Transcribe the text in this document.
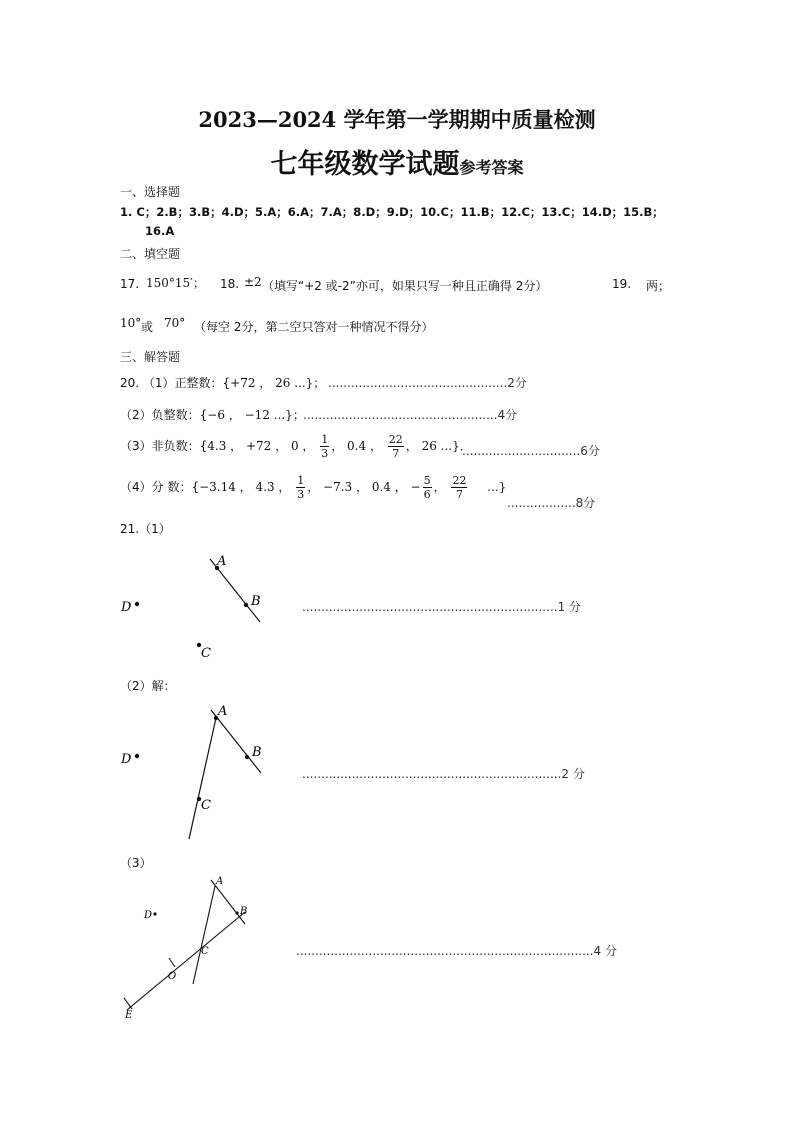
2023—2024 学年第一学期期中质量检测
七年级数学试题参考答案
一、选择题
1. C；2.B；3.B；4.D；5.A；6.A；7.A；8.D；9.D；10.C；11.B；12.C；13.C；14.D；15.B；
16.A
二、填空题
17. 150°15′； 18. ±2 （填写“+2 或-2”亦可，如果只写一种且正确得 2分）	19. 两；
10° 或 70° （每空 2分，第二空只答对一种情况不得分）
三、解答题
20. （1）正整数：{+72 ， 26 ...}； ...............................................2分
（2）负整数：{−6 ， −12 ...}；
...................................................4分
（3）非负数：{4.3 ， +72 ， 0 ， $\frac{1}{3}$ ， 0.4 ， $\frac{22}{7}$ ， 26 ...}．
...............................6分
（4）分 数：{−3.14 ， 4.3 ， $\frac{1}{3}$ ， −7.3 ， 0.4 ， − $\frac{5}{6}$ ， $\frac{22}{7}$ ...}
..................8分
21.（1）
A
B
D
C
...................................................................1 分
（2）解：
A
B
D
C
....................................................................2 分
（3）
A
B
D
C
O
E
..............................................................................4 分
